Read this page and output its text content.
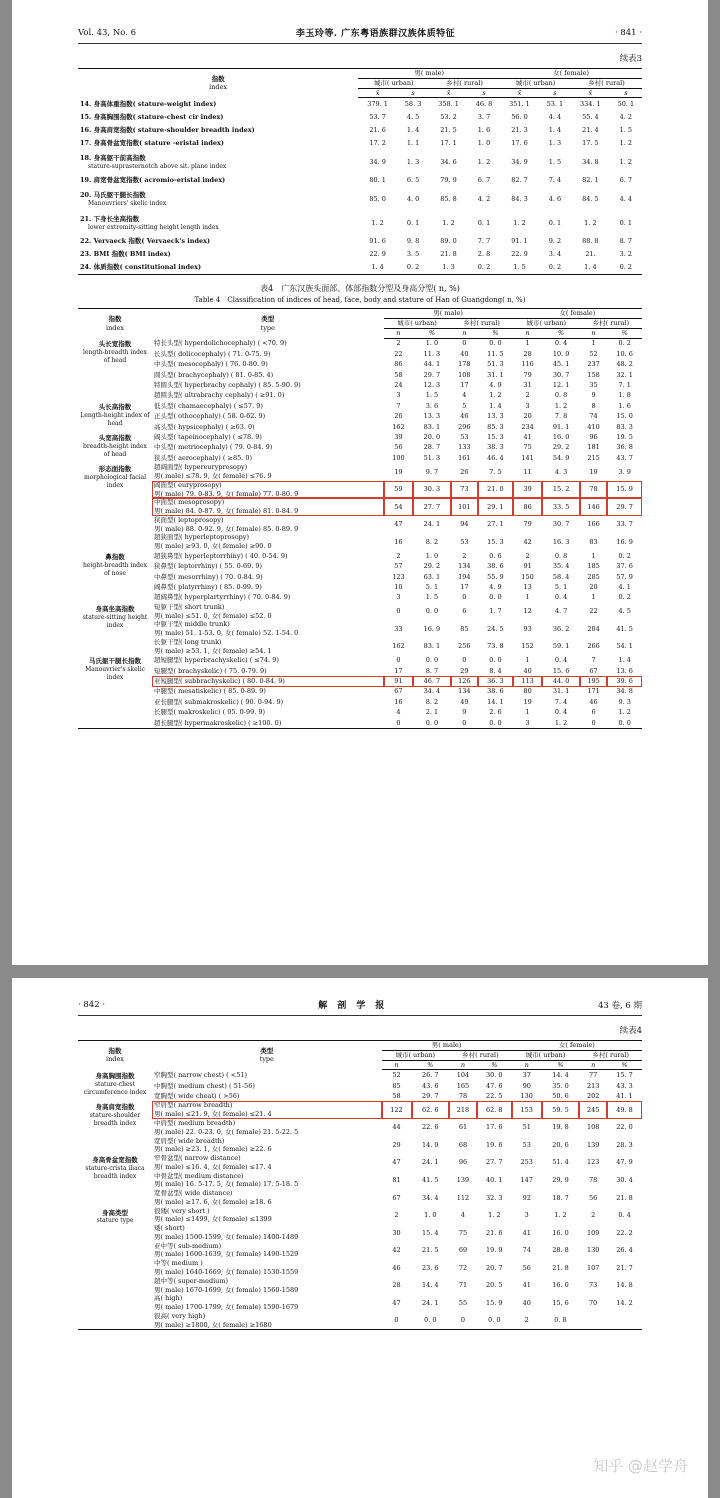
Vol. 43, No. 6	李玉玲等. 广东粤语族群汉族体质特征	· 841 ·
续表3
指数
index	男( male)				女( female)			
	城市( urban)		乡村( rural)		城市( urban)		乡村( rural)	
	x̄	s	x̄	s	x̄	s	x̄	s

14. 身高体重指数( stature-weight index)	379. 1	58. 3	358. 1	46. 8	351. 1	53. 1	334. 1	50. 1

15. 身高胸围指数( stature-chest cir index)	53. 7	4. 5	53. 2	3. 7	56. 0	4. 4	55. 4	4. 2

16. 身高肩宽指数( stature-shoulder breadth index)	21. 6	1. 4	21. 5	1. 6	21. 3	1. 4	21. 4	1. 5

17. 身高骨盆宽指数( stature -eristal index)	17. 2	1. 1	17. 1	1. 0	17. 6	1. 3	17. 5	1. 2

18. 身高躯干前高指数
stature-suprasternotch above sit. plane index	34. 9	1. 3	34. 6	1. 2	34. 9	1. 5	34. 8	1. 2

19. 肩宽骨盆宽指数( acromio-eristal index)	80. 1	6. 5	79. 9	6. 7	82. 7	7. 4	82. 1	6. 7

20. 马氏躯干腿长指数
Manouvriers' skelic index	85. 0	4. 0	85. 8	4. 2	84. 3	4. 6	84. 5	4. 4

21. 下身长坐高指数
lower extremity-sitting height length index	1. 2	0. 1	1. 2	0. 1	1. 2	0. 1	1. 2	0. 1

22. Vervaeck 指数( Vervaeck's index)	91. 6	9. 8	89. 0	7. 7	91. 1	9. 2	88. 8	8. 7

23. BMI 指数( BMI index)	22. 9	3. 5	21. 8	2. 8	22. 9	3. 4	21.	3. 2

24. 体质指数( constitutional index)	1. 4	0. 2	1. 3	0. 2	1. 5	0. 2	1. 4	0. 2
表4　广东汉族头面部、体部指数分型及身高分型( n, %)
Table 4　Classification of indices of head, face, body and stature of Han of Guangdong( n, %)
指数
index	类型
type	男( male)				女( female)			
		城市( urban)		乡村( rural)		城市( urban)		乡村( rural)	
		n	%	n	%	n	%	n	%

头长宽指数
length-breadth index of head	特长头型( hyperdolichocephaly) ( <70. 9)	2	1. 0	0	0. 0	1	0. 4	1	0. 2

	长头型( dolicocephaly) ( 71. 0-75. 9)	22	11. 3	40	11. 5	28	10. 9	52	10. 6

	中头型( mesocephaly) ( 76. 0-80. 9)	86	44. 1	178	51. 3	116	45. 1	237	48. 2

	圆头型( brachycephaly) ( 81. 0-85. 4)	58	29. 7	108	31. 1	79	30. 7	158	32. 1

	特圆头型( hyperbrachy cephaly) ( 85. 5-90. 9)	24	12. 3	17	4. 9	31	12. 1	35	7. 1

	超圆头型( ultrabrachy cephaly) ( ≥91. 0)	3	1. 5	4	1. 2	2	0. 8	9	1. 8

头长高指数
Length-height index of head	低头型( chamaecephaly) ( ≤57. 9)	7	3. 6	5	1. 4	3	1. 2	8	1. 6

	正头型( othocephaly) ( 58. 0-62. 9)	26	13. 3	46	13. 3	20	7. 8	74	15. 0

	高头型( hypsicephaly) ( ≥63. 0)	162	83. 1	296	85. 3	234	91. 1	410	83. 3

头宽高指数
breadth-height index of head	阔头型( tapeinocephaly) ( ≤78. 9)	39	20. 0	53	15. 3	41	16. 0	96	19. 5

	中头型( metriocephaly) ( 79. 0-84. 9)	56	28. 7	133	38. 3	75	29. 2	181	36. 8

	狭头型( aerocephaly) ( ≥85. 0)	100	51. 3	161	46. 4	141	54. 9	215	43. 7

形态面指数
morphological facial index	超阔面型( hypereuryprosopy)
男( male) ≤78. 9, 女( female) ≤76. 9	19	9. 7	26	7. 5	11	4. 3	19	3. 9

	阔面型( euryprosopy)
男( male) 79. 0-83. 9, 女( female) 77. 0-80. 9	59	30. 3	73	21. 0	39	15. 2	78	15. 9

	中面型( mesoprosopy)
男( male) 84. 0-87. 9, 女( female) 81. 0-84. 9	54	27. 7	101	29. 1	86	33. 5	146	29. 7

	狭面型( leptoprosopy)
男( male) 88. 0-92. 9, 女( female) 85. 0-89. 9	47	24. 1	94	27. 1	79	30. 7	166	33. 7

	超狭面型( hyperleptoprosopy)
男( male) ≥93. 0, 女( female) ≥90. 0	16	8. 2	53	15. 3	42	16. 3	83	16. 9

鼻指数
height-breadth index of nose	超狭鼻型( hyperleptorrhiny) ( 40. 0-54. 9)	2	1. 0	2	0. 6	2	0. 8	1	0. 2

	狭鼻型( leptorrhiny) ( 55. 0-69. 9)	57	29. 2	134	38. 6	91	35. 4	185	37. 6

	中鼻型( mesorrhiny) ( 70. 0-84. 9)	123	63. 1	194	55. 9	150	58. 4	285	57. 9

	阔鼻型( platyrrhiny) ( 85. 0-99. 9)	10	5. 1	17	4. 9	13	5. 1	20	4. 1

	超阔鼻型( hyperplartyrrhiny) ( 70. 0-84. 9)	3	1. 5	0	0. 0	1	0. 4	1	0. 2

身高坐高指数
stature-sitting height index	短躯干型( short trunk)
男( male) ≤51. 0, 女( female) ≤52. 0	0	0. 0	6	1. 7	12	4. 7	22	4. 5

	中躯干型( middle trunk)
男( male) 51. 1-53. 0, 女( female) 52. 1-54. 0	33	16. 9	85	24. 5	93	36. 2	204	41. 5

	长躯干型( long trunk)
男( male) ≥53. 1, 女( female) ≥54. 1	162	83. 1	256	73. 8	152	59. 1	266	54. 1

马氏躯干腿长指数
Manouvrier's skelic index	超短腿型( hyperbrachyskelic) ( ≤74. 9)	0	0. 0	0	0. 0	1	0. 4	7	1. 4

	短腿型( brachyskelic) ( 75. 0-79. 9)	17	8. 7	29	8. 4	40	15. 6	67	13. 6

	亚短腿型( subbrachyskelic) ( 80. 0-84. 9)	91	46. 7	126	36. 3	113	44. 0	195	39. 6

	中腿型( mesatiskelic) ( 85. 0-89. 9)	67	34. 4	134	38. 6	80	31. 1	171	34. 8

	亚长腿型( submakroskelic) ( 90. 0-94. 9)	16	8. 2	49	14. 1	19	7. 4	46	9. 3

	长腿型( makroskelic) ( 95. 0-99. 9)	4	2. 1	9	2. 6	1	0. 4	6	1. 2

	超长腿型( hypermakroskelic) ( ≥100. 0)	0	0. 0	0	0. 0	3	1. 2	0	0. 0
· 842 ·	解　剖　学　报	43 卷, 6 期
续表4
指数
index	类型
type	男( male)				女( female)			
		城市( urban)		乡村( rural)		城市( urban)		乡村( rural)	
		n	%	n	%	n	%	n	%

身高胸围指数
stature-chest circumference index	窄胸型( narrow chest) ( <51)	52	26. 7	104	30. 0	37	14. 4	77	15. 7

	中胸型( medium chest) ( 51-56)	85	43. 6	165	47. 6	90	35. 0	213	43. 3

	宽胸型( wide cheat) ( >56)	58	29. 7	78	22. 5	130	50. 6	202	41. 1

身高肩宽指数
stature-shoulder breadth index	窄肩型( narrow breadth)
男( male) ≤21. 9, 女( female) ≤21. 4	122	62. 6	218	62. 8	153	59. 5	245	49. 8

	中肩型( medium breadth)
男( male) 22. 0-23. 0, 女( female) 21. 5-22. 5	44	22. 6	61	17. 6	51	19. 8	108	22. 0

	宽肩型( wide breadth)
男( male) ≥23. 1, 女( female) ≥22. 6	29	14. 9	68	19. 6	53	20. 6	139	28. 3

身高骨盆宽指数
stature-crista iliaca breadth index	窄骨盆型( narrow distance)
男( male) ≤16. 4, 女( female) ≤17. 4	47	24. 1	96	27. 7	253	51. 4	123	47. 9

	中骨盆型( medium distance)
男( male) 16. 5-17. 5, 女( female) 17. 5-18. 5	81	41. 5	139	40. 1	147	29. 9	78	30. 4

	宽骨盆型( wide distance)
男( male) ≥17. 6, 女( female) ≥18. 6	67	34. 4	112	32. 3	92	18. 7	56	21. 8

身高类型
stature type	很矮( very short )
男( male) ≤1499, 女( female) ≤1399	2	1. 0	4	1. 2	3	1. 2	2	0. 4

	矮( short)
男( male) 1500-1599, 女( female) 1400-1489	30	15. 4	75	21. 6	41	16. 0	109	22. 2

	亚中等( sub-medium)
男( male) 1600-1639, 女( female) 1490-1529	42	21. 5	69	19. 9	74	28. 8	130	26. 4

	中等( medium )
男( male) 1640-1669, 女( female) 1530-1559	46	23. 6	72	20. 7	56	21. 8	107	21. 7

	超中等( super-medium)
男( male) 1670-1699, 女( female) 1560-1589	28	14. 4	71	20. 5	41	16. 0	73	14. 8

	高( high)
男( male) 1700-1799, 女( female) 1590-1679	47	24. 1	55	15. 9	40	15. 6	70	14. 2

	很高( very high)
男( male) ≥1800, 女( female) ≥1680	0	0. 0	0	0. 0	2	0. 8		
知乎 @赵学舟
